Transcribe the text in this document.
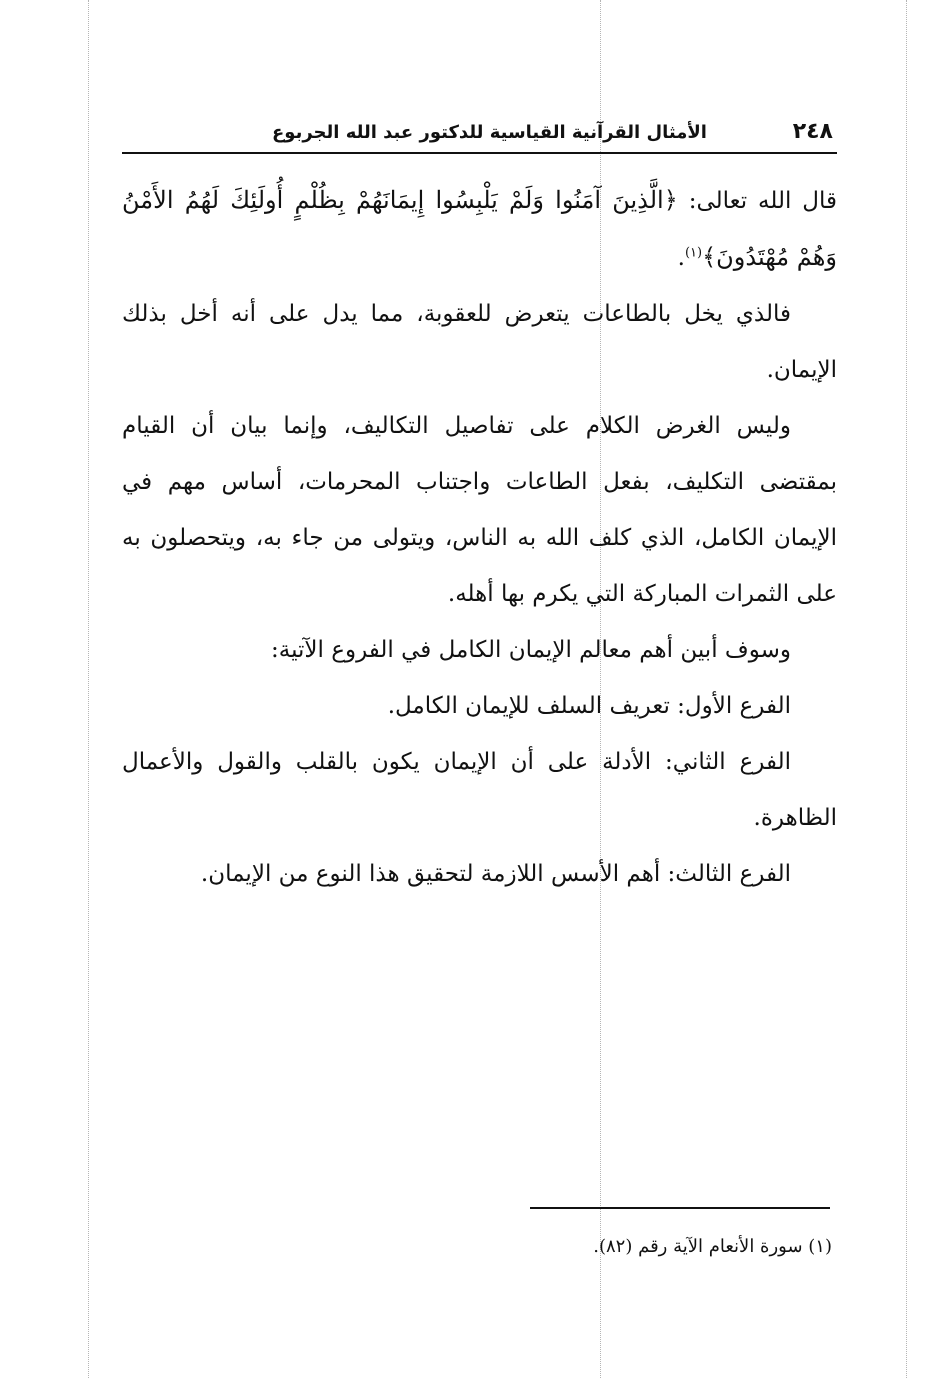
٢٤٨
الأمثال القرآنية القياسية للدكتور عبد الله الجربوع

قال الله تعالى: ﴿الَّذِينَ آمَنُوا وَلَمْ يَلْبِسُوا إِيمَانَهُمْ بِظُلْمٍ أُولَئِكَ لَهُمُ الأَمْنُ وَهُمْ مُهْتَدُونَ﴾$^{(١)}$.

فالذي يخل بالطاعات يتعرض للعقوبة، مما يدل على أنه أخل بذلك الإيمان.

وليس الغرض الكلام على تفاصيل التكاليف، وإنما بيان أن القيام بمقتضى التكليف، بفعل الطاعات واجتناب المحرمات، أساس مهم في الإيمان الكامل، الذي كلف الله به الناس، ويتولى من جاء به، ويتحصلون به على الثمرات المباركة التي يكرم بها أهله.

وسوف أبين أهم معالم الإيمان الكامل في الفروع الآتية:

الفرع الأول: تعريف السلف للإيمان الكامل.

الفرع الثاني: الأدلة على أن الإيمان يكون بالقلب والقول والأعمال الظاهرة.

الفرع الثالث: أهم الأسس اللازمة لتحقيق هذا النوع من الإيمان.

(١) سورة الأنعام الآية رقم (٨٢).
